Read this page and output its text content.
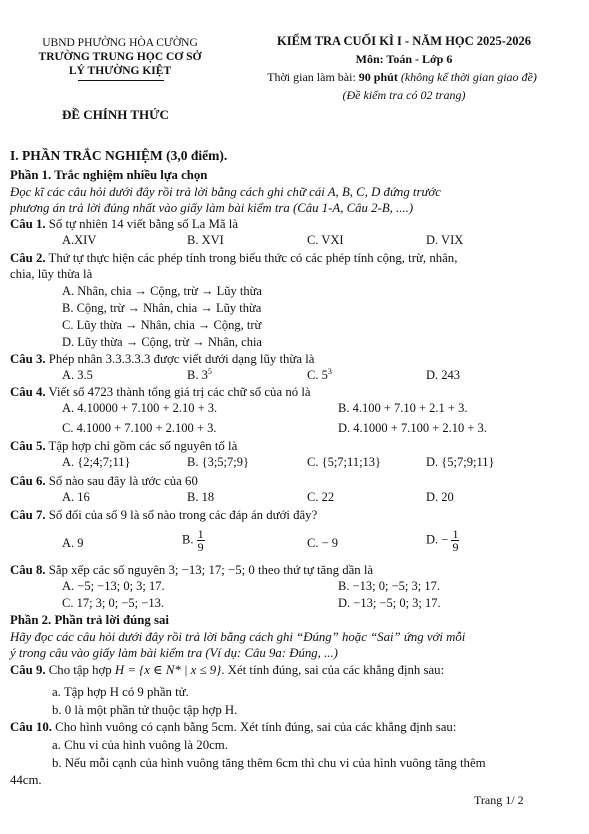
UBND PHƯỜNG HÒA CƯỜNG
TRƯỜNG TRUNG HỌC CƠ SỞ
LÝ THƯỜNG KIỆT
KIỂM TRA CUỐI KÌ I - NĂM HỌC 2025-2026
Môn: Toán - Lớp 6
Thời gian làm bài: 90 phút (không kể thời gian giao đề)
(Đề kiểm tra có 02 trang)
ĐỀ CHÍNH THỨC
I. PHẦN TRẮC NGHIỆM (3,0 điểm).
Phần 1. Trắc nghiệm nhiều lựa chọn
Đọc kĩ các câu hỏi dưới đây rồi trả lời bằng cách ghi chữ cái A, B, C, D đứng trước
phương án trả lời đúng nhất vào giấy làm bài kiểm tra (Câu 1-A, Câu 2-B, ....)
Câu 1. Số tự nhiên 14 viết bằng số La Mã là
A.XIV	B. XVI	C. VXI	D. VIX
Câu 2. Thứ tự thực hiện các phép tính trong biểu thức có các phép tính cộng, trừ, nhân,
chia, lũy thừa là
A. Nhân, chia → Cộng, trừ → Lũy thừa
B. Cộng, trừ → Nhân, chia → Lũy thừa
C. Lũy thừa → Nhân, chia → Cộng, trừ
D. Lũy thừa → Cộng, trừ → Nhân, chia
Câu 3. Phép nhân 3.3.3.3.3 được viết dưới dạng lũy thừa là
A. 3.5	B. $3^5$	C. $5^3$	D. 243
Câu 4. Viết số 4723 thành tổng giá trị các chữ số của nó là
A. 4.10000 + 7.100 + 2.10 + 3.	B. 4.100 + 7.10 + 2.1 + 3.
C. 4.1000 + 7.100 + 2.100 + 3.	D. 4.1000 + 7.100 + 2.10 + 3.
Câu 5. Tập hợp chỉ gồm các số nguyên tố là
A. {2;4;7;11}	B. {3;5;7;9}	C. {5;7;11;13}	D. {5;7;9;11}
Câu 6. Số nào sau đây là ước của 60
A. 16	B. 18	C. 22	D. 20
Câu 7. Số đối của số 9 là số nào trong các đáp án dưới đây?
A. 9	B. $\frac{1}{9}$	C. − 9	D. − $\frac{1}{9}$
Câu 8. Sắp xếp các số nguyên 3; −13; 17; −5; 0 theo thứ tự tăng dần là
A. −5; −13; 0; 3; 17.	B. −13; 0; −5; 3; 17.
C. 17; 3; 0; −5; −13.	D. −13; −5; 0; 3; 17.
Phần 2. Phần trả lời đúng sai
Hãy đọc các câu hỏi dưới đây rồi trả lời bằng cách ghi “Đúng” hoặc “Sai” ứng với mỗi
ý trong câu vào giấy làm bài kiểm tra (Ví dụ: Câu 9a: Đúng, ...)
Câu 9. Cho tập hợp H = {x ∈ N* | x ≤ 9}. Xét tính đúng, sai của các khẳng định sau:
a. Tập hợp H có 9 phần tử.
b. 0 là một phần tử thuộc tập hợp H.
Câu 10. Cho hình vuông có cạnh bằng 5cm. Xét tính đúng, sai của các khẳng định sau:
a. Chu vi của hình vuông là 20cm.
b. Nếu mỗi cạnh của hình vuông tăng thêm 6cm thì chu vi của hình vuông tăng thêm
44cm.
Trang 1/ 2
